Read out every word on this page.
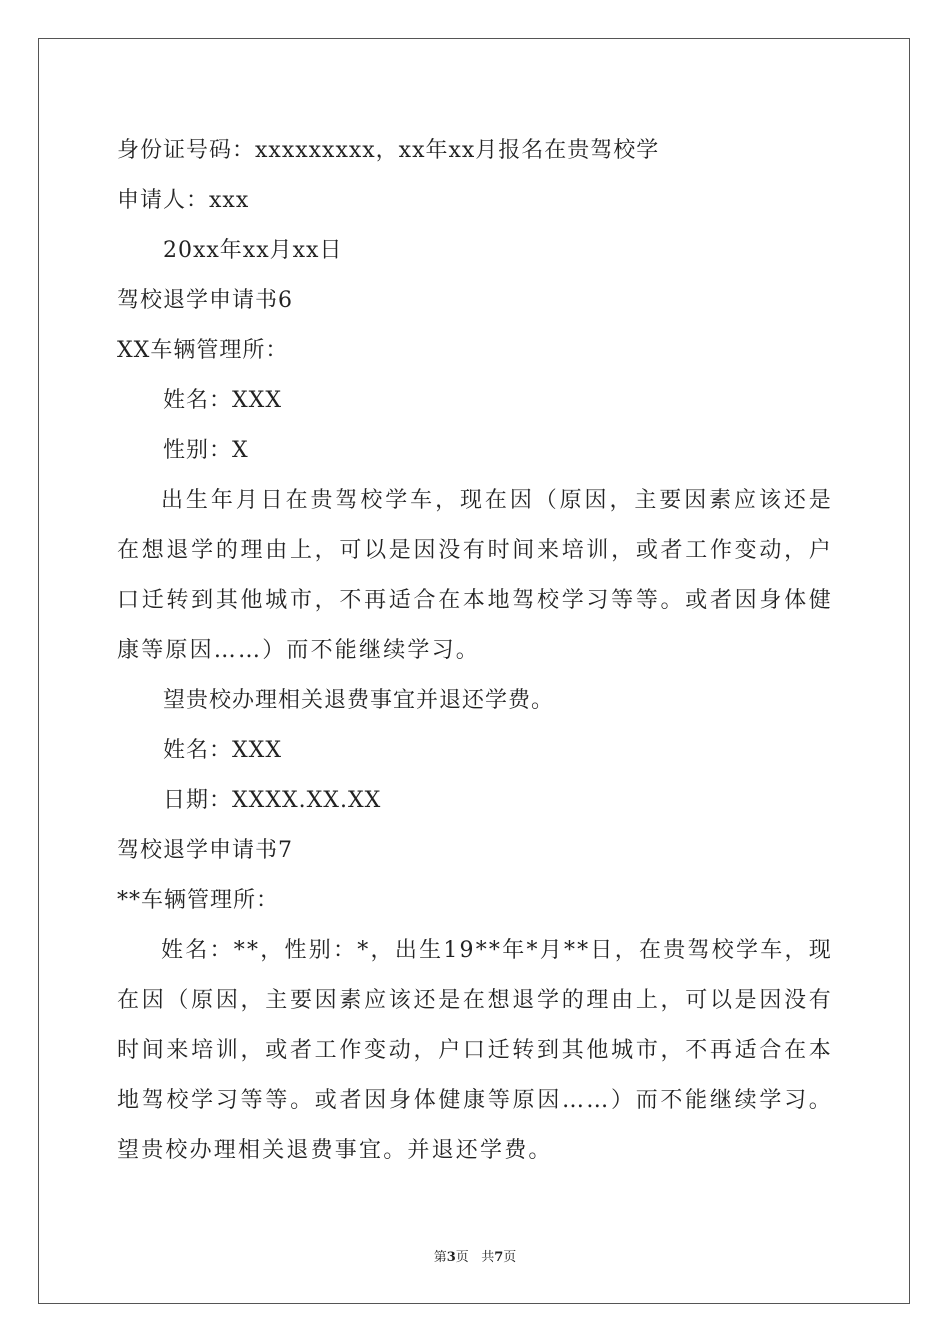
身份证号码：xxxxxxxxx，xx年xx月报名在贵驾校学
申请人：xxx
20xx年xx月xx日
驾校退学申请书6
XX车辆管理所：
姓名：XXX
性别：X
出生年月日在贵驾校学车，现在因（原因，主要因素应该还是在想退学的理由上，可以是因没有时间来培训，或者工作变动，户口迁转到其他城市，不再适合在本地驾校学习等等。或者因身体健康等原因……）而不能继续学习。
望贵校办理相关退费事宜并退还学费。
姓名：XXX
日期：XXXX.XX.XX
驾校退学申请书7
**车辆管理所：
姓名：**，性别：*，出生19**年*月**日，在贵驾校学车，现在因（原因，主要因素应该还是在想退学的理由上，可以是因没有时间来培训，或者工作变动，户口迁转到其他城市，不再适合在本地驾校学习等等。或者因身体健康等原因……）而不能继续学习。望贵校办理相关退费事宜。并退还学费。
第3页   共7页
